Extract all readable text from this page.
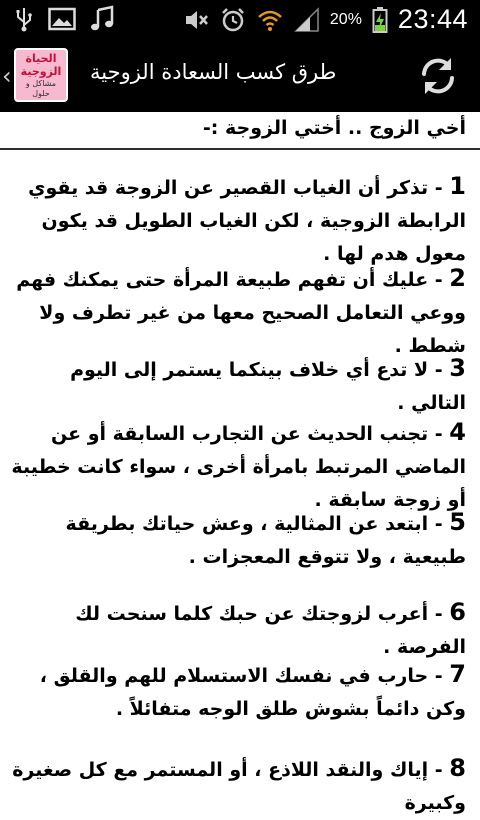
20% 23:44
‹
الحياة
الزوجية
مشاكل و حلول
طرق كسب السعادة الزوجية
أخي الزوج .. أختي الزوجة :-
1 - تذكر أن الغياب القصير عن الزوجة قد يقوي الرابطة الزوجية ، لكن الغياب الطويل قد يكون معول هدم لها .
2 - عليك أن تفهم طبيعة المرأة حتى يمكنك فهم ووعي التعامل الصحيح معها من غير تطرف ولا شطط .
3 - لا تدع أي خلاف بينكما يستمر إلى اليوم التالي .
4 - تجنب الحديث عن التجارب السابقة أو عن الماضي المرتبط بامرأة أخرى ، سواء كانت خطيبة أو زوجة سابقة .
5 - ابتعد عن المثالية ، وعش حياتك بطريقة طبيعية ، ولا تتوقع المعجزات .
6 - أعرب لزوجتك عن حبك كلما سنحت لك الفرصة .
7 - حارب في نفسك الاستسلام للهم والقلق ، وكن دائماً بشوش طلق الوجه متفائلاً .
8 - إياك والنقد اللاذع ، أو المستمر مع كل صغيرة وكبيرة
